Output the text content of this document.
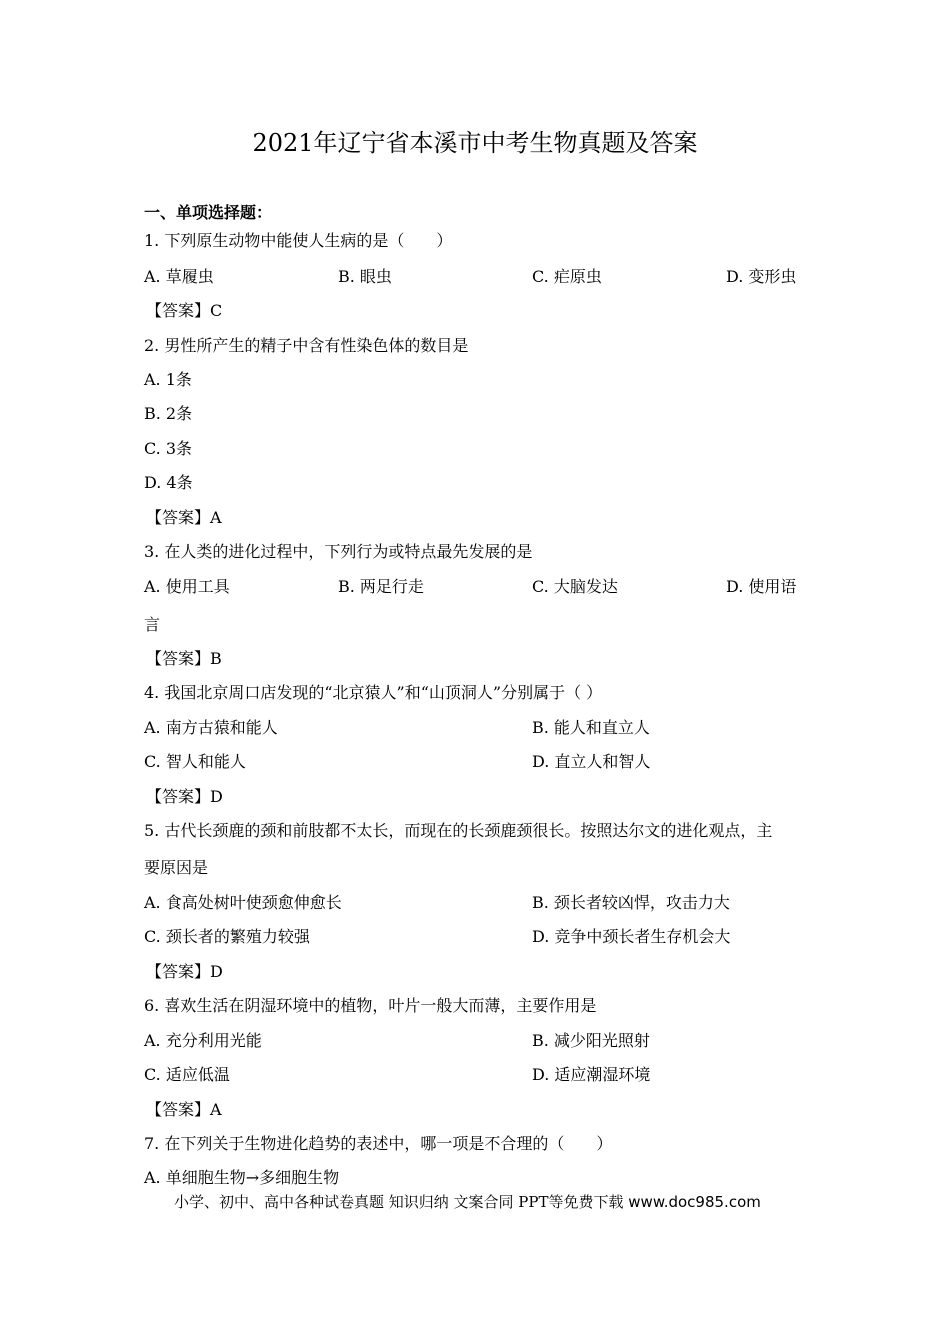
2021年辽宁省本溪市中考生物真题及答案
一、单项选择题：
1. 下列原生动物中能使人生病的是（　　）
A. 草履虫	B. 眼虫	C. 疟原虫	D. 变形虫
【答案】C
2. 男性所产生的精子中含有性染色体的数目是
A. 1条
B. 2条
C. 3条
D. 4条
【答案】A
3. 在人类的进化过程中，下列行为或特点最先发展的是
A. 使用工具	B. 两足行走	C. 大脑发达	D. 使用语
言
【答案】B
4. 我国北京周口店发现的“北京猿人”和“山顶洞人”分别属于（ ）
A. 南方古猿和能人	B. 能人和直立人
C. 智人和能人	D. 直立人和智人
【答案】D
5. 古代长颈鹿的颈和前肢都不太长，而现在的长颈鹿颈很长。按照达尔文的进化观点，主
要原因是
A. 食高处树叶使颈愈伸愈长	B. 颈长者较凶悍，攻击力大
C. 颈长者的繁殖力较强	D. 竞争中颈长者生存机会大
【答案】D
6. 喜欢生活在阴湿环境中的植物，叶片一般大而薄，主要作用是
A. 充分利用光能	B. 减少阳光照射
C. 适应低温	D. 适应潮湿环境
【答案】A
7. 在下列关于生物进化趋势的表述中，哪一项是不合理的（　　）
A. 单细胞生物→多细胞生物
小学、初中、高中各种试卷真题 知识归纳 文案合同 PPT等免费下载 www.doc985.com
